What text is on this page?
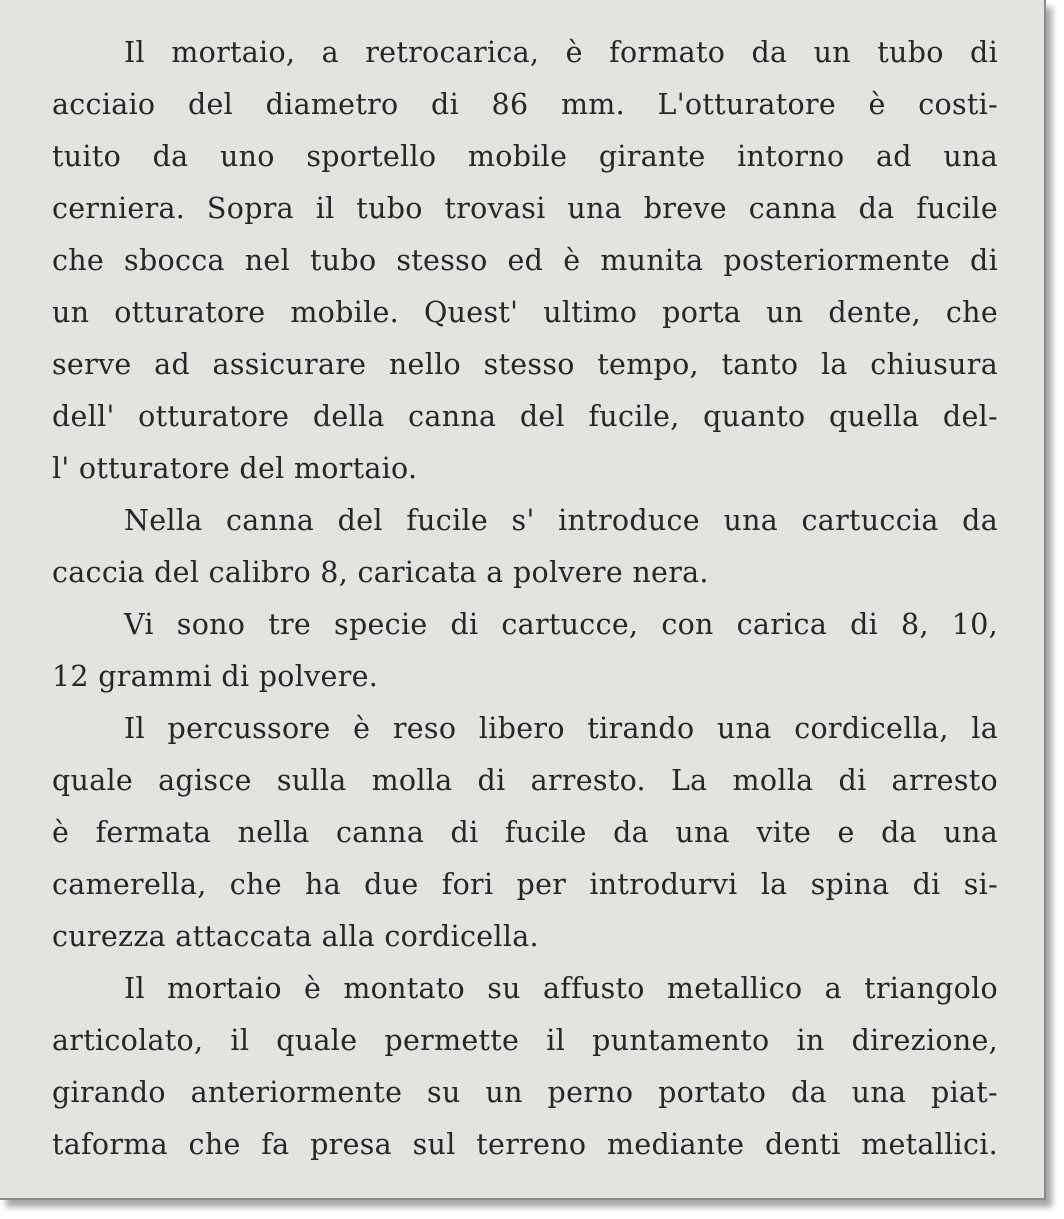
Il mortaio, a retrocarica, è formato da un tubo di
acciaio del diametro di 86 mm. L'otturatore è costi-
tuito da uno sportello mobile girante intorno ad una
cerniera. Sopra il tubo trovasi una breve canna da fucile
che sbocca nel tubo stesso ed è munita posteriormente di
un otturatore mobile. Quest' ultimo porta un dente, che
serve ad assicurare nello stesso tempo, tanto la chiusura
dell' otturatore della canna del fucile, quanto quella del-
l' otturatore del mortaio.
Nella canna del fucile s' introduce una cartuccia da
caccia del calibro 8, caricata a polvere nera.
Vi sono tre specie di cartucce, con carica di 8, 10,
12 grammi di polvere.
Il percussore è reso libero tirando una cordicella, la
quale agisce sulla molla di arresto. La molla di arresto
è fermata nella canna di fucile da una vite e da una
camerella, che ha due fori per introdurvi la spina di si-
curezza attaccata alla cordicella.
Il mortaio è montato su affusto metallico a triangolo
articolato, il quale permette il puntamento in direzione,
girando anteriormente su un perno portato da una piat-
taforma che fa presa sul terreno mediante denti metallici.
